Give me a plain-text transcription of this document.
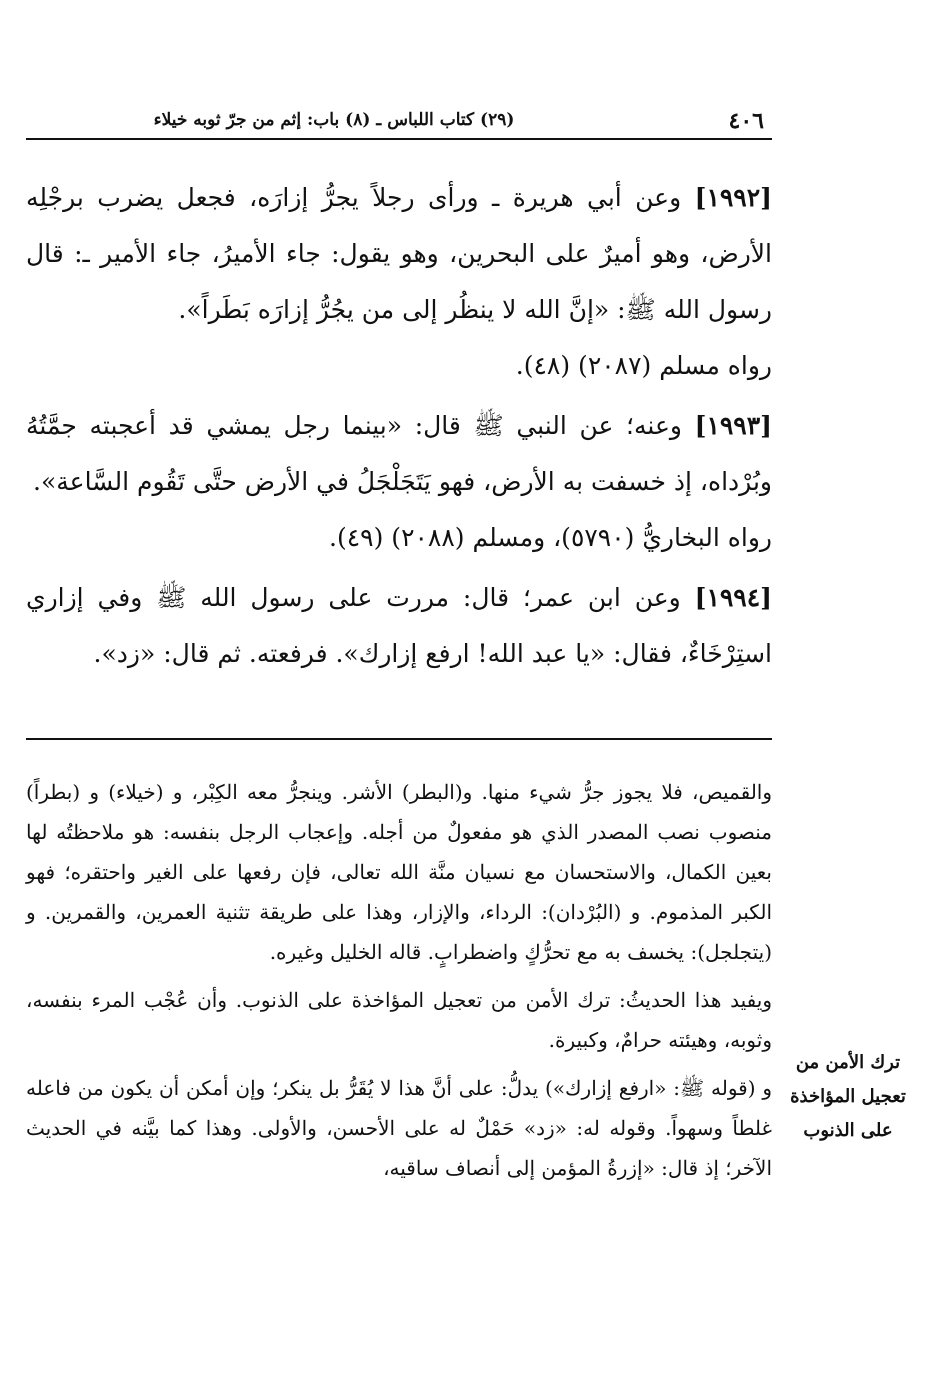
٤٠٦
(٢٩) كتاب اللباس ـ (٨) باب: إثم من جرّ ثوبه خيلاء

[١٩٩٢] وعن أبي هريرة ـ ورأى رجلاً يجرُّ إزارَه، فجعل يضرب برجْلِه الأرض، وهو أميرٌ على البحرين، وهو يقول: جاء الأميرُ، جاء الأمير ـ: قال رسول الله ﷺ: «إنَّ الله لا ينظُر إلى من يجُرُّ إزارَه بَطَراً».

رواه مسلم (٢٠٨٧) (٤٨).

[١٩٩٣] وعنه؛ عن النبي ﷺ قال: «بينما رجل يمشي قد أعجبته جمَّتُهُ وبُرْداه، إذ خسفت به الأرض، فهو يَتَجَلْجَلُ في الأرض حتَّى تَقُوم السَّاعة».

رواه البخاريُّ (٥٧٩٠)، ومسلم (٢٠٨٨) (٤٩).

[١٩٩٤] وعن ابن عمر؛ قال: مررت على رسول الله ﷺ وفي إزاري استِرْخَاءٌ، فقال: «يا عبد الله! ارفع إزارك». فرفعته. ثم قال: «زد».

والقميص، فلا يجوز جرُّ شيء منها. و(البطر) الأشر. وينجرُّ معه الكِبْر، و (خيلاء) و (بطراً) منصوب نصب المصدر الذي هو مفعولٌ من أجله. وإعجاب الرجل بنفسه: هو ملاحظتُه لها بعين الكمال، والاستحسان مع نسيان منَّة الله تعالى، فإن رفعها على الغير واحتقره؛ فهو الكبر المذموم. و (البُرْدان): الرداء، والإزار، وهذا على طريقة تثنية العمرين، والقمرين. و (يتجلجل): يخسف به مع تحرُّكٍ واضطرابٍ. قاله الخليل وغيره.

ويفيد هذا الحديثُ: ترك الأمن من تعجيل المؤاخذة على الذنوب. وأن عُجْب المرء بنفسه، وثوبه، وهيئته حرامٌ، وكبيرة.

و (قوله ﷺ: «ارفع إزارك») يدلُّ: على أنَّ هذا لا يُقَرُّ بل ينكر؛ وإن أمكن أن يكون من فاعله غلطاً وسهواً. وقوله له: «زد» حَمْلٌ له على الأحسن، والأولى. وهذا كما بيَّنه في الحديث الآخر؛ إذ قال: «إزرةُ المؤمن إلى أنصاف ساقيه،

ترك الأمن من تعجيل المؤاخذة على الذنوب
